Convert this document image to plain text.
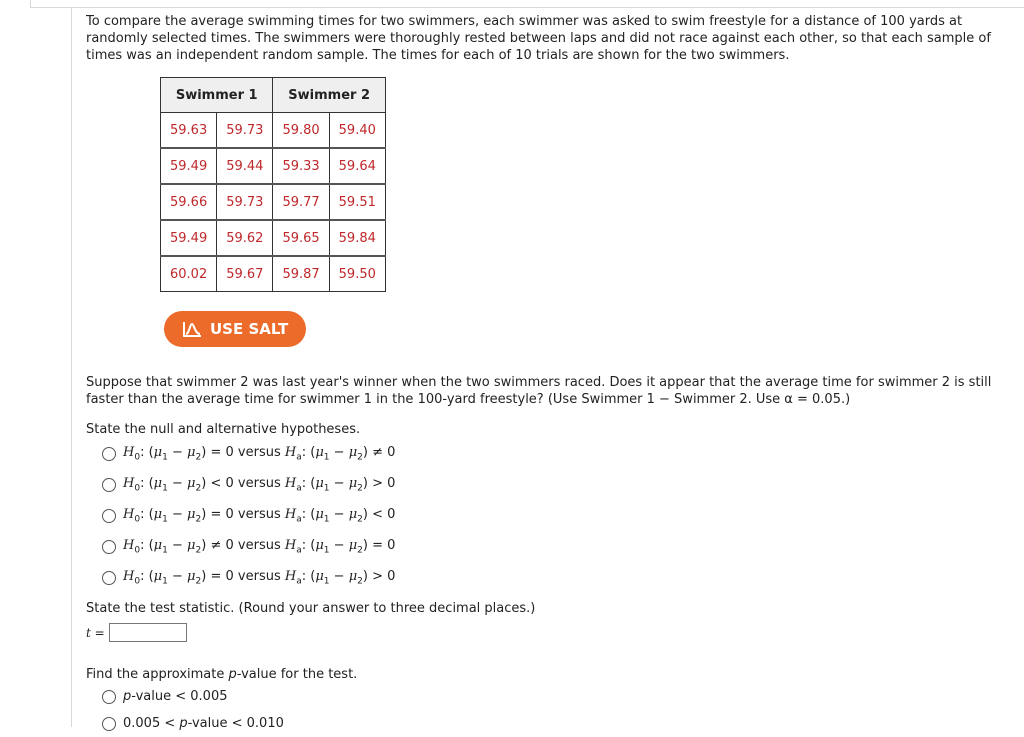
To compare the average swimming times for two swimmers, each swimmer was asked to swim freestyle for a distance of 100 yards at randomly selected times. The swimmers were thoroughly rested between laps and did not race against each other, so that each sample of times was an independent random sample. The times for each of 10 trials are shown for the two swimmers.

Swimmer 1		Swimmer 2	
59.63	59.73	59.80	59.40
59.49	59.44	59.33	59.64
59.66	59.73	59.77	59.51
59.49	59.62	59.65	59.84
60.02	59.67	59.87	59.50
USE SALT

Suppose that swimmer 2 was last year's winner when the two swimmers raced. Does it appear that the average time for swimmer 2 is still faster than the average time for swimmer 1 in the 100-yard freestyle? (Use Swimmer 1 − Swimmer 2. Use α = 0.05.)

State the null and alternative hypotheses.

$H_0$: $(\mu_1 - \mu_2) = 0$ versus $H_a$: $(\mu_1 - \mu_2) \ne 0$
$H_0$: $(\mu_1 - \mu_2) < 0$ versus $H_a$: $(\mu_1 - \mu_2) > 0$
$H_0$: $(\mu_1 - \mu_2) = 0$ versus $H_a$: $(\mu_1 - \mu_2) < 0$
$H_0$: $(\mu_1 - \mu_2) \ne 0$ versus $H_a$: $(\mu_1 - \mu_2) = 0$
$H_0$: $(\mu_1 - \mu_2) = 0$ versus $H_a$: $(\mu_1 - \mu_2) > 0$

State the test statistic. (Round your answer to three decimal places.)

t =

Find the approximate p-value for the test.

p-value < 0.005
0.005 < p-value < 0.010
